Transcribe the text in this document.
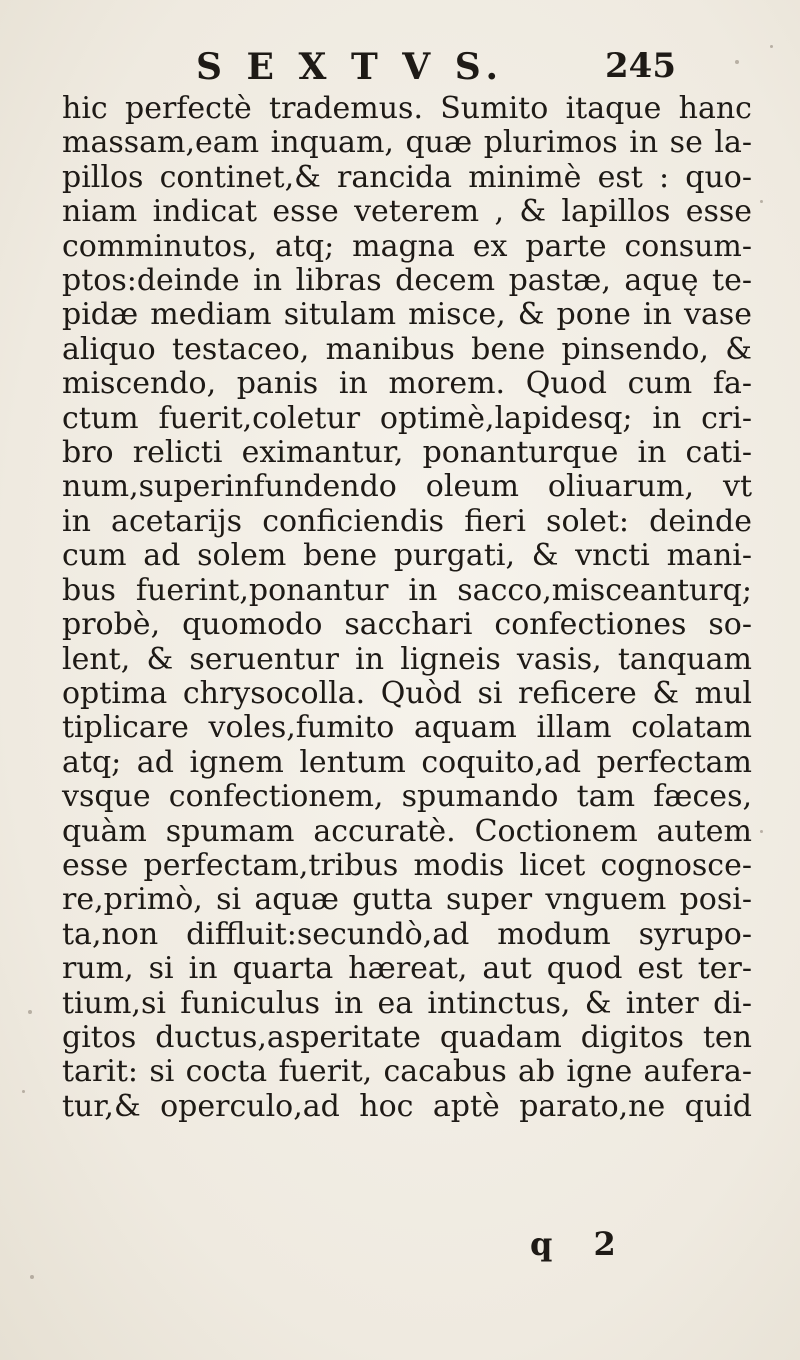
S E X T V S.	245
hic perfectè trademus. Sumito itaque hanc
massam,eam inquam, quæ plurimos in se la-
pillos continet,& rancida minimè est : quo-
niam indicat esse veterem , & lapillos esse
comminutos, atq; magna ex parte consum-
ptos:deinde in libras decem pastæ, aquę te-
pidæ mediam situlam misce, & pone in vase
aliquo testaceo, manibus bene pinsendo, &
miscendo, panis in morem. Quod cum fa-
ctum fuerit,coletur optimè,lapidesq; in cri-
bro relicti eximantur, ponanturque in cati-
num,superinfundendo oleum oliuarum, vt
in acetarijs conficiendis fieri solet: deinde
cum ad solem bene purgati, & vncti mani-
bus fuerint,ponantur in sacco,misceanturq;
probè, quomodo sacchari confectiones so-
lent, & seruentur in ligneis vasis, tanquam
optima chrysocolla. Quòd si reficere & mul
tiplicare voles,fumito aquam illam colatam
atq; ad ignem lentum coquito,ad perfectam
vsque confectionem, spumando tam fæces,
quàm spumam accuratè. Coctionem autem
esse perfectam,tribus modis licet cognosce-
re,primò, si aquæ gutta super vnguem posi-
ta,non diffluit:secundò,ad modum syrupo-
rum, si in quarta hæreat, aut quod est ter-
tium,si funiculus in ea intinctus, & inter di-
gitos ductus,asperitate quadam digitos ten
tarit: si cocta fuerit, cacabus ab igne aufera-
tur,& operculo,ad hoc aptè parato,ne quid
q 2
